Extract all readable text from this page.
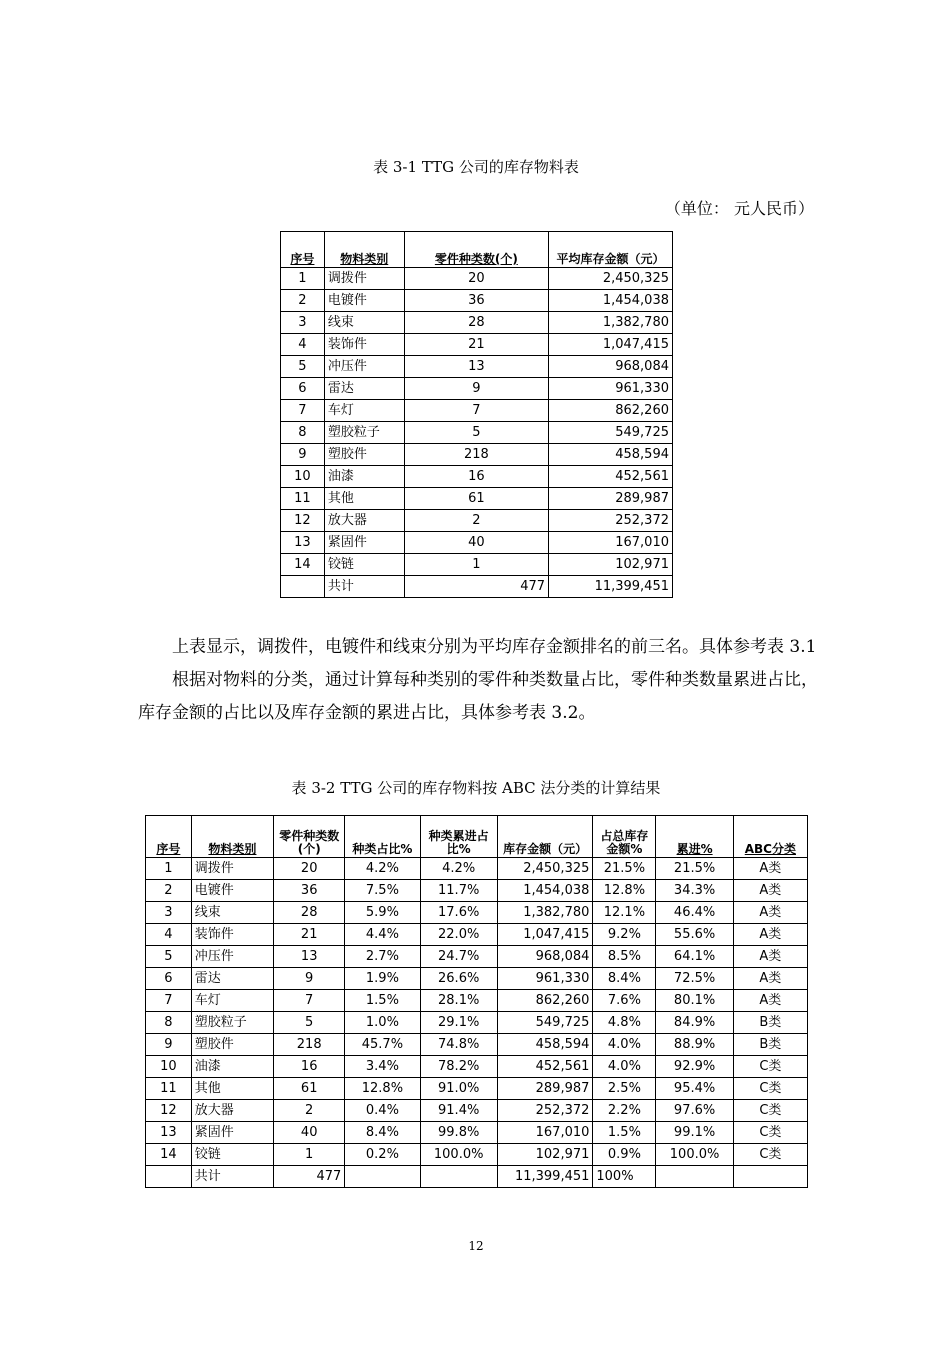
表 3-1 TTG 公司的库存物料表
（单位： 元人民币）
序号	物料类别	零件种类数(个)	平均库存金额（元）
1	调拨件	20	2,450,325
2	电镀件	36	1,454,038
3	线束	28	1,382,780
4	装饰件	21	1,047,415
5	冲压件	13	968,084
6	雷达	9	961,330
7	车灯	7	862,260
8	塑胶粒子	5	549,725
9	塑胶件	218	458,594
10	油漆	16	452,561
11	其他	61	289,987
12	放大器	2	252,372
13	紧固件	40	167,010
14	铰链	1	102,971
	共计	477	11,399,451

上表显示，调拨件，电镀件和线束分别为平均库存金额排名的前三名。具体参考表 3.1

根据对物料的分类，通过计算每种类别的零件种类数量占比，零件种类数量累进占比，库存金额的占比以及库存金额的累进占比，具体参考表 3.2。

表 3-2 TTG 公司的库存物料按 ABC 法分类的计算结果
序号	物料类别	零件种类数(个)	种类占比%	种类累进占比%	库存金额（元）	占总库存金额%	累进%	ABC分类
1	调拨件	20	4.2%	4.2%	2,450,325	21.5%	21.5%	A类
2	电镀件	36	7.5%	11.7%	1,454,038	12.8%	34.3%	A类
3	线束	28	5.9%	17.6%	1,382,780	12.1%	46.4%	A类
4	装饰件	21	4.4%	22.0%	1,047,415	9.2%	55.6%	A类
5	冲压件	13	2.7%	24.7%	968,084	8.5%	64.1%	A类
6	雷达	9	1.9%	26.6%	961,330	8.4%	72.5%	A类
7	车灯	7	1.5%	28.1%	862,260	7.6%	80.1%	A类
8	塑胶粒子	5	1.0%	29.1%	549,725	4.8%	84.9%	B类
9	塑胶件	218	45.7%	74.8%	458,594	4.0%	88.9%	B类
10	油漆	16	3.4%	78.2%	452,561	4.0%	92.9%	C类
11	其他	61	12.8%	91.0%	289,987	2.5%	95.4%	C类
12	放大器	2	0.4%	91.4%	252,372	2.2%	97.6%	C类
13	紧固件	40	8.4%	99.8%	167,010	1.5%	99.1%	C类
14	铰链	1	0.2%	100.0%	102,971	0.9%	100.0%	C类
	共计	477			11,399,451	100%		
12
